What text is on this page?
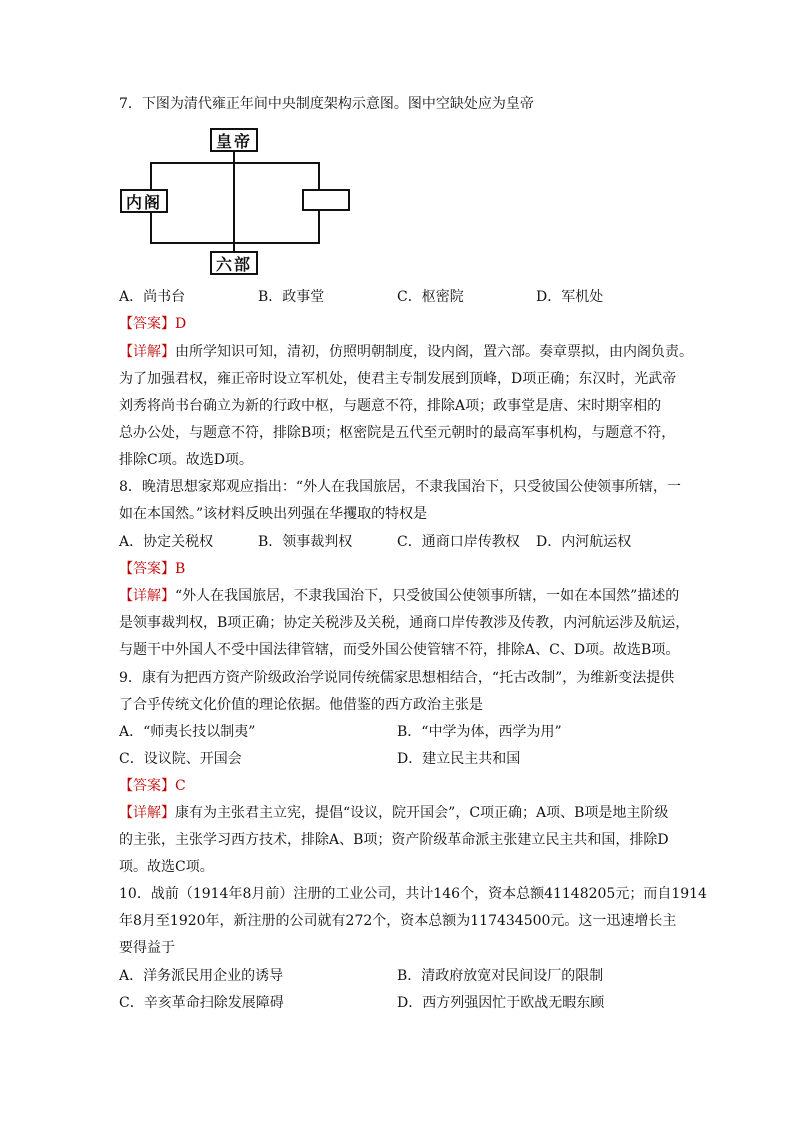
7．下图为清代雍正年间中央制度架构示意图。图中空缺处应为皇帝
皇帝
内阁
六部
A．尚书台	B．政事堂	C．枢密院	D．军机处
【答案】D
【详解】由所学知识可知，清初，仿照明朝制度，设内阁，置六部。奏章票拟，由内阁负责。
为了加强君权，雍正帝时设立军机处，使君主专制发展到顶峰，D项正确；东汉时，光武帝
刘秀将尚书台确立为新的行政中枢，与题意不符，排除A项；政事堂是唐、宋时期宰相的
总办公处，与题意不符，排除B项；枢密院是五代至元朝时的最高军事机构，与题意不符，
排除C项。故选D项。
8．晚清思想家郑观应指出：“外人在我国旅居，不隶我国治下，只受彼国公使领事所辖，一
如在本国然。”该材料反映出列强在华攫取的特权是
A．协定关税权	B．领事裁判权	C．通商口岸传教权 D．内河航运权
【答案】B
【详解】“外人在我国旅居，不隶我国治下，只受彼国公使领事所辖，一如在本国然”描述的
是领事裁判权，B项正确；协定关税涉及关税，通商口岸传教涉及传教，内河航运涉及航运，
与题干中外国人不受中国法律管辖，而受外国公使管辖不符，排除A、C、D项。故选B项。
9．康有为把西方资产阶级政治学说同传统儒家思想相结合，“托古改制”，为维新变法提供
了合乎传统文化价值的理论依据。他借鉴的西方政治主张是
A．“师夷长技以制夷”	B．“中学为体，西学为用”
C．设议院、开国会	D．建立民主共和国
【答案】C
【详解】康有为主张君主立宪，提倡“设议，院开国会”，C项正确；A项、B项是地主阶级
的主张，主张学习西方技术，排除A、B项；资产阶级革命派主张建立民主共和国，排除D
项。故选C项。
10．战前（1914年8月前）注册的工业公司，共计146个，资本总额41148205元；而自1914
年8月至1920年，新注册的公司就有272个，资本总额为117434500元。这一迅速增长主
要得益于
A．洋务派民用企业的诱导	B．清政府放宽对民间设厂的限制
C．辛亥革命扫除发展障碍	D．西方列强因忙于欧战无暇东顾
